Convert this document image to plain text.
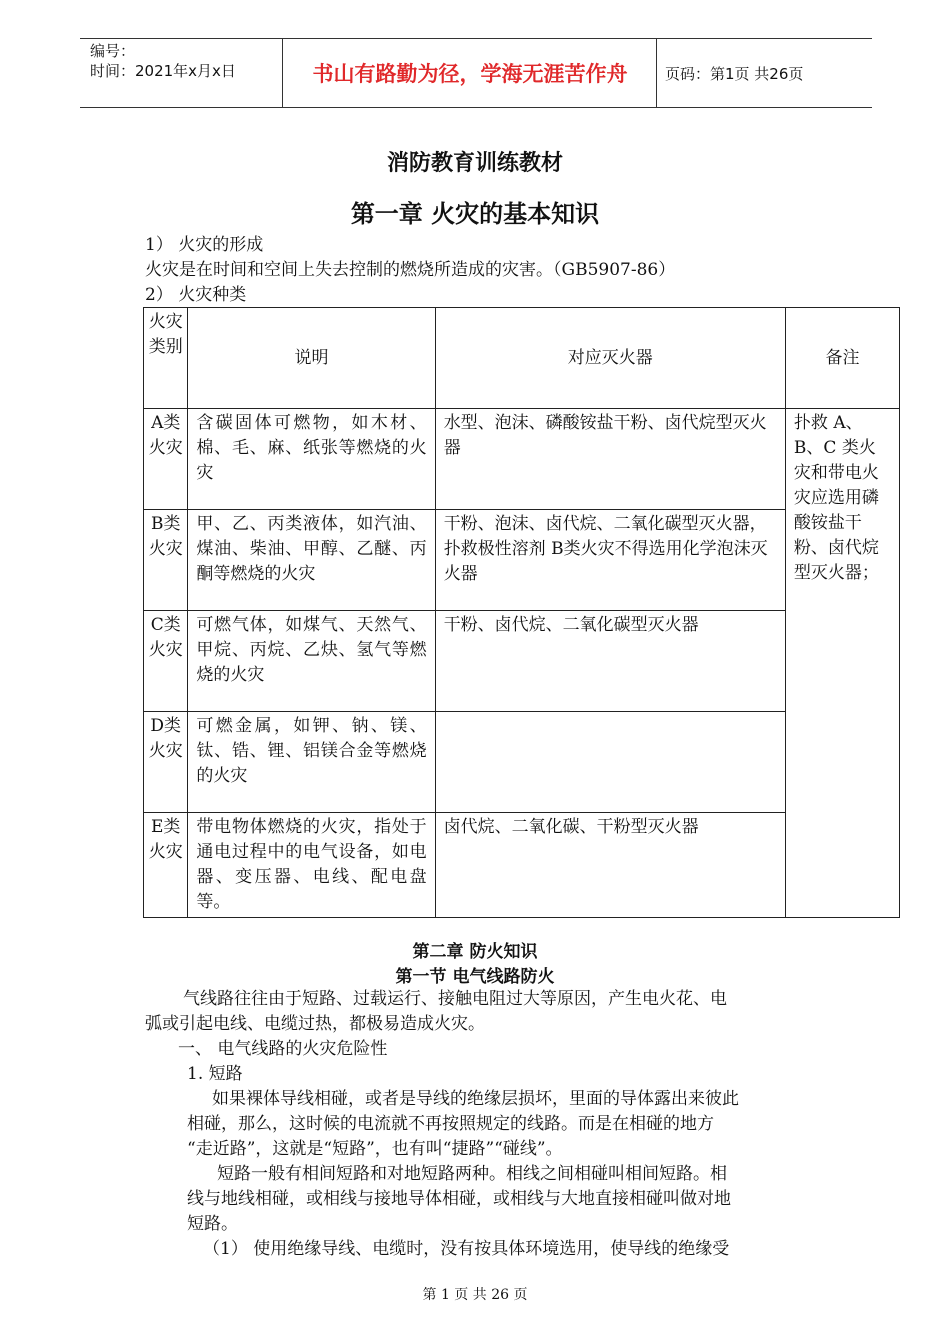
编号：
时间：2021年x月x日	书山有路勤为径，学海无涯苦作舟	页码：第1页 共26页
消防教育训练教材
第一章 火灾的基本知识
1） 火灾的形成
火灾是在时间和空间上失去控制的燃烧所造成的灾害。（GB5907-86）
2） 火灾种类
火灾类别	说明	对应灭火器	备注
A类火灾	含碳固体可燃物，如木材、棉、毛、麻、纸张等燃烧的火灾	水型、泡沫、磷酸铵盐干粉、卤代烷型灭火器	扑救 A、B、C 类火灾和带电火灾应选用磷酸铵盐干粉、卤代烷型灭火器；
B类火灾	甲、乙、丙类液体，如汽油、煤油、柴油、甲醇、乙醚、丙酮等燃烧的火灾	干粉、泡沫、卤代烷、二氧化碳型灭火器，扑救极性溶剂 B类火灾不得选用化学泡沫灭火器	
C类火灾	可燃气体，如煤气、天然气、甲烷、丙烷、乙炔、氢气等燃烧的火灾	干粉、卤代烷、二氧化碳型灭火器	
D类火灾	可燃金属，如钾、钠、镁、钛、锆、锂、铝镁合金等燃烧的火灾		
E类火灾	带电物体燃烧的火灾，指处于通电过程中的电气设备，如电器、变压器、电线、配电盘等。	卤代烷、二氧化碳、干粉型灭火器	
第二章 防火知识
第一节 电气线路防火
气线路往往由于短路、过载运行、接触电阻过大等原因，产生电火花、电
弧或引起电线、电缆过热，都极易造成火灾。
一、 电气线路的火灾危险性
1. 短路
如果裸体导线相碰，或者是导线的绝缘层损坏，里面的导体露出来彼此
相碰，那么，这时候的电流就不再按照规定的线路。而是在相碰的地方
“走近路”，这就是“短路”，也有叫“捷路”“碰线”。
短路一般有相间短路和对地短路两种。相线之间相碰叫相间短路。相
线与地线相碰，或相线与接地导体相碰，或相线与大地直接相碰叫做对地
短路。
（1） 使用绝缘导线、电缆时，没有按具体环境选用，使导线的绝缘受
第 1 页 共 26 页
